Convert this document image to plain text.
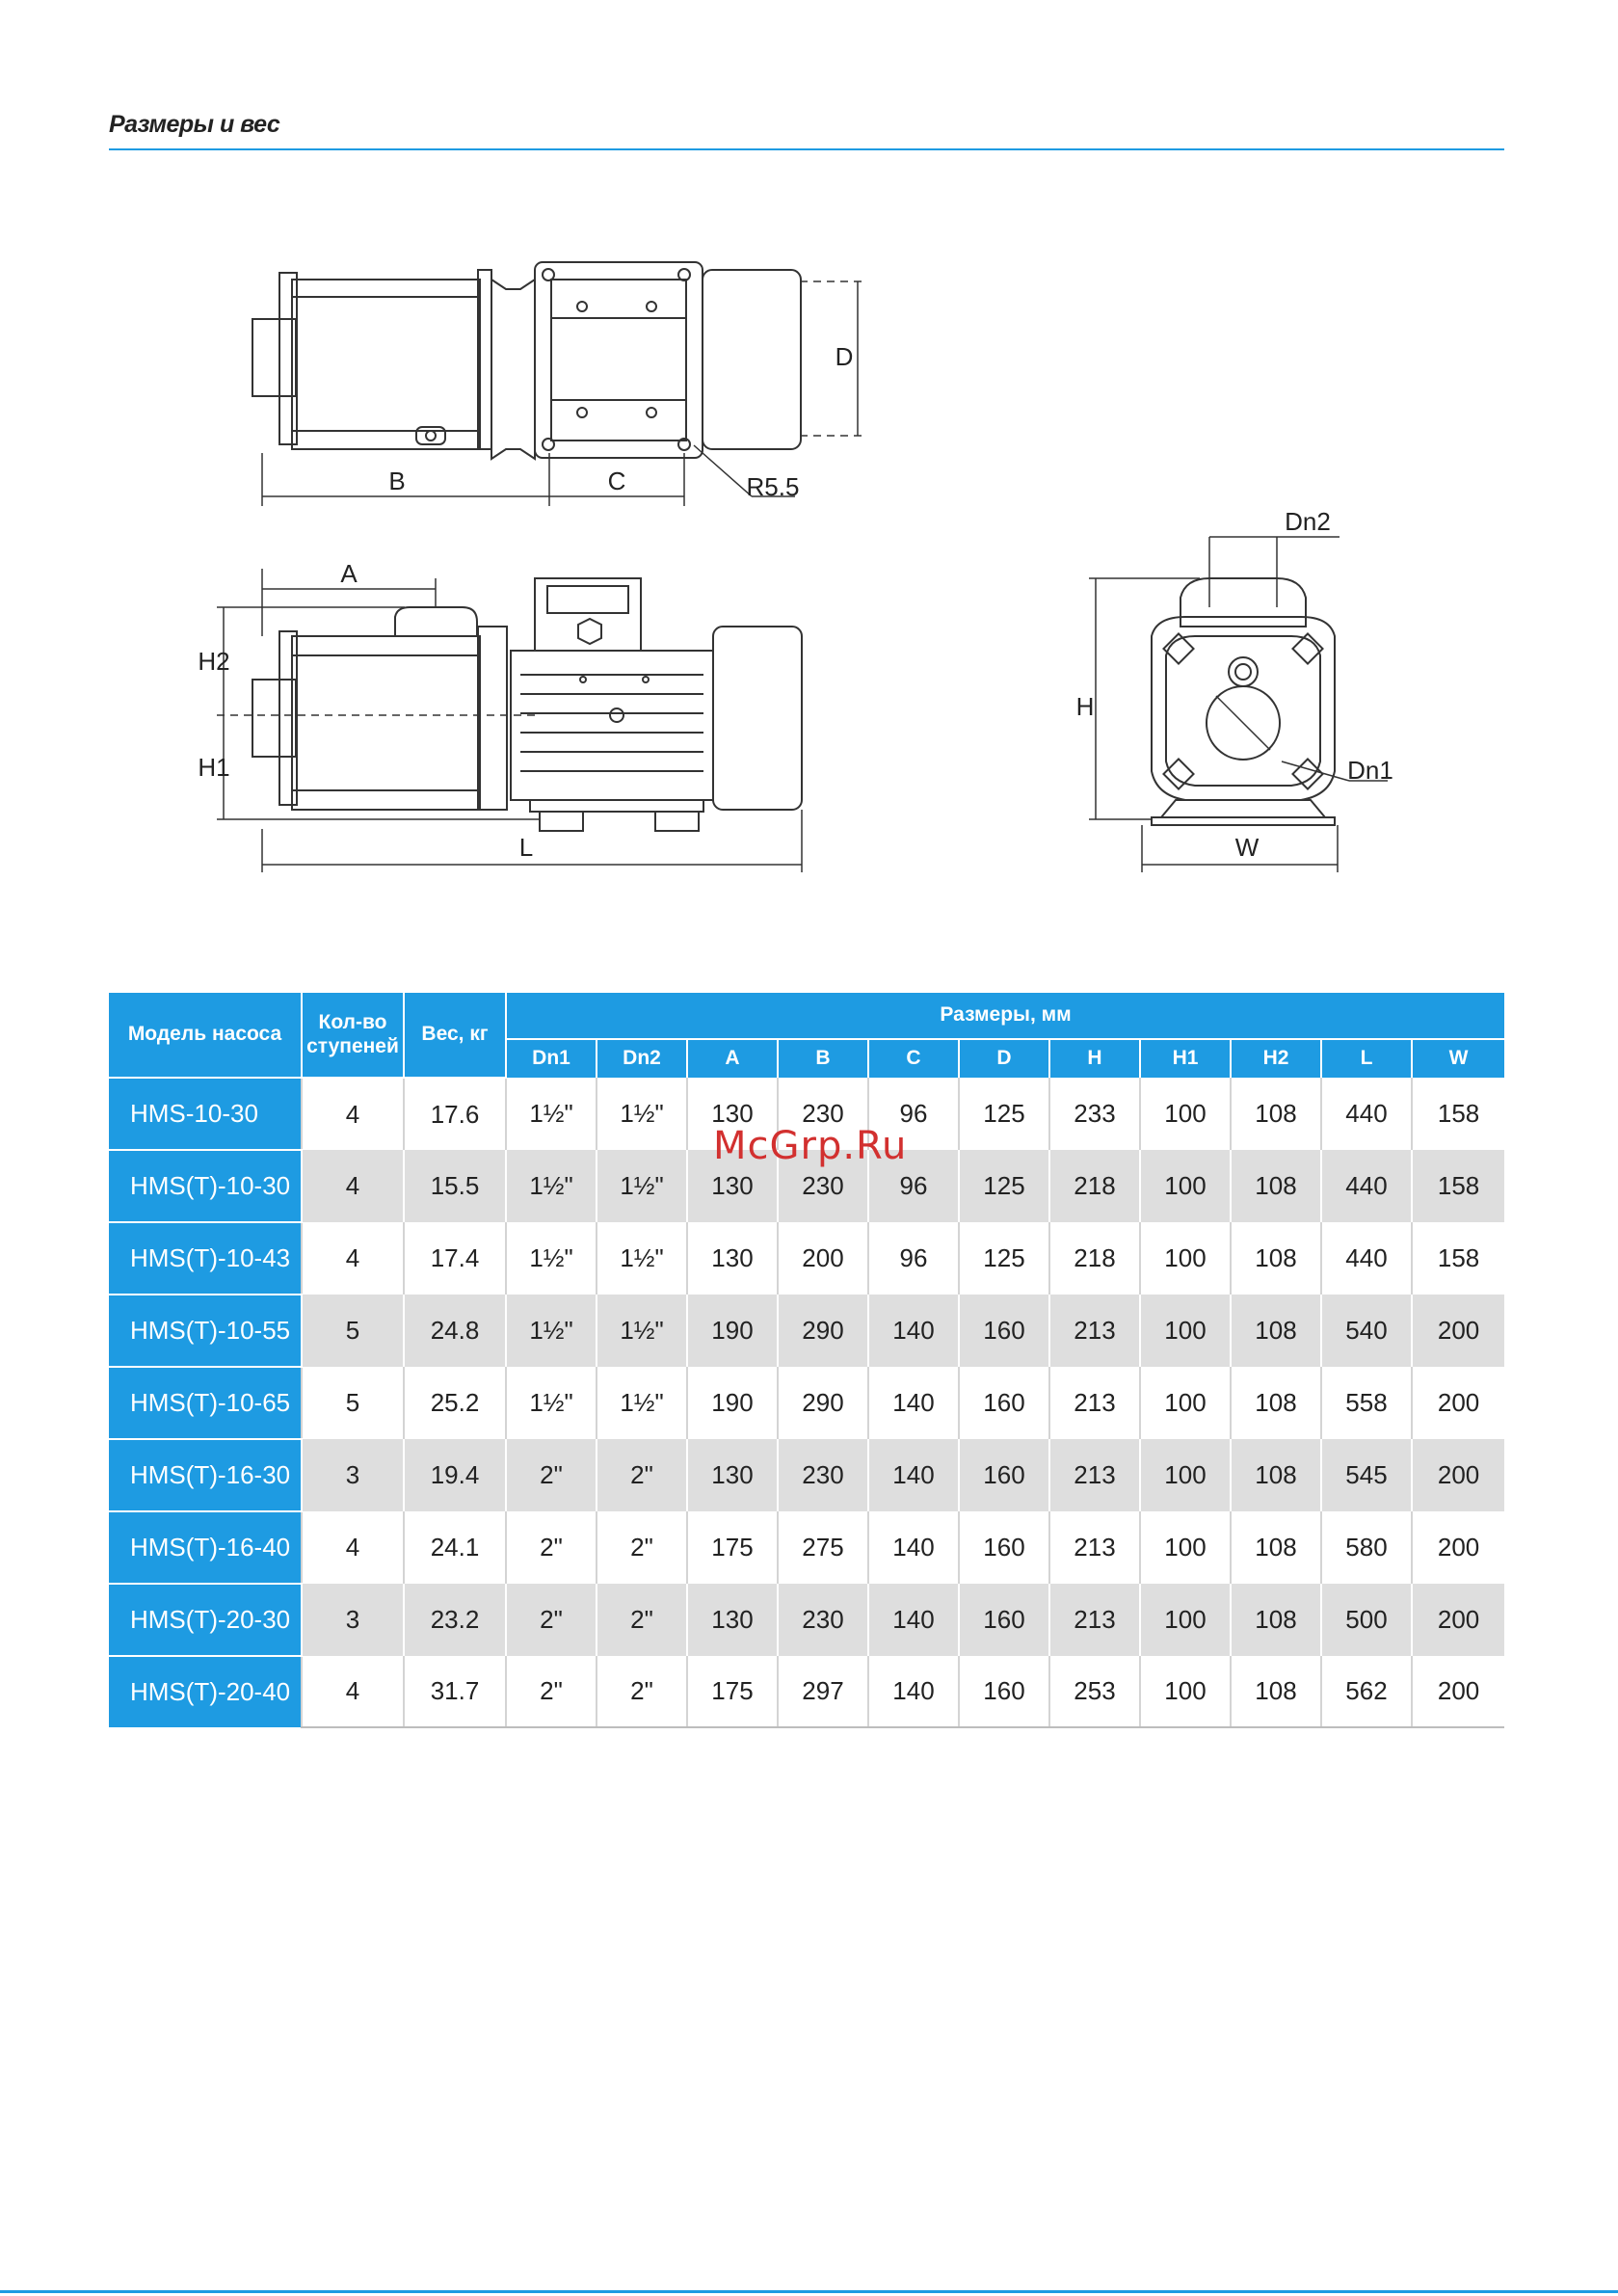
Размеры и вес
B	C
D
R5.5
A
H2
H1
L
Dn2
H
Dn1
W
Модель насоса	Кол-во ступеней	Вес, кг	Размеры, мм										
			Dn1	Dn2	A	B	C	D	H	H1	H2	L	W
HMS-10-30	4	17.6	1½"	1½"	130	230	96	125	233	100	108	440	158
HMS(T)-10-30	4	15.5	1½"	1½"	130	230	96	125	218	100	108	440	158
HMS(T)-10-43	4	17.4	1½"	1½"	130	200	96	125	218	100	108	440	158
HMS(T)-10-55	5	24.8	1½"	1½"	190	290	140	160	213	100	108	540	200
HMS(T)-10-65	5	25.2	1½"	1½"	190	290	140	160	213	100	108	558	200
HMS(T)-16-30	3	19.4	2"	2"	130	230	140	160	213	100	108	545	200
HMS(T)-16-40	4	24.1	2"	2"	175	275	140	160	213	100	108	580	200
HMS(T)-20-30	3	23.2	2"	2"	130	230	140	160	213	100	108	500	200
HMS(T)-20-40	4	31.7	2"	2"	175	297	140	160	253	100	108	562	200
McGrp.Ru
